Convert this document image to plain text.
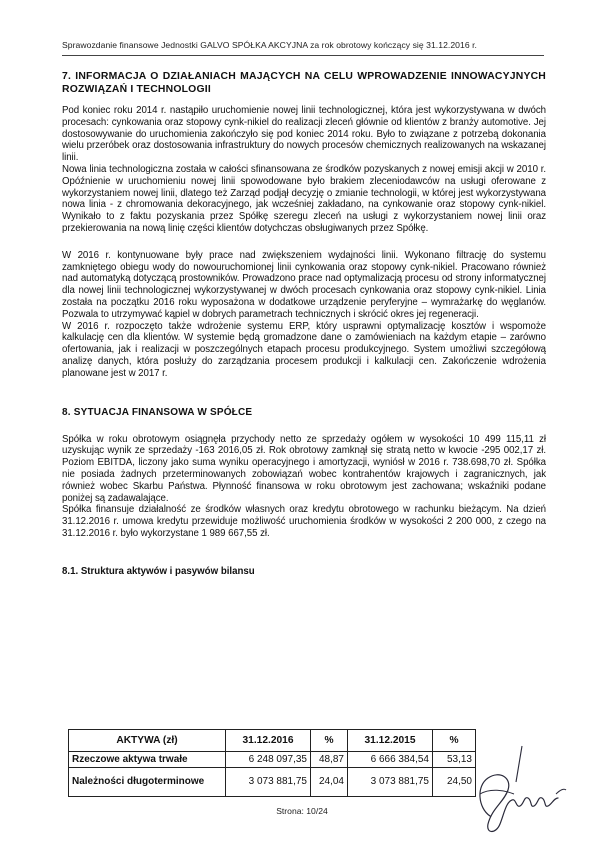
Sprawozdanie finansowe Jednostki GALVO SPÓŁKA AKCYJNA za rok obrotowy kończący się 31.12.2016 r.
7. INFORMACJA O DZIAŁANIACH MAJĄCYCH NA CELU WPROWADZENIE INNOWACYJNYCH ROZWIĄZAŃ I TECHNOLOGII

Pod koniec roku 2014 r. nastąpiło uruchomienie nowej linii technologicznej, która jest wykorzystywana w dwóch procesach: cynkowania oraz stopowy cynk-nikiel do realizacji zleceń głównie od klientów z branży automotive. Jej dostosowywanie do uruchomienia zakończyło się pod koniec 2014 roku. Było to związane z potrzebą dokonania wielu przeróbek oraz dostosowania infrastruktury do nowych procesów chemicznych realizowanych na wskazanej linii.

Nowa linia technologiczna została w całości sfinansowana ze środków pozyskanych z nowej emisji akcji w 2010 r. Opóźnienie w uruchomieniu nowej linii spowodowane było brakiem zleceniodawców na usługi oferowane z wykorzystaniem nowej linii, dlatego też Zarząd podjął decyzję o zmianie technologii, w której jest wykorzystywana nowa linia - z chromowania dekoracyjnego, jak wcześniej zakładano, na cynkowanie oraz stopowy cynk-nikiel. Wynikało to z faktu pozyskania przez Spółkę szeregu zleceń na usługi z wykorzystaniem nowej linii oraz przekierowania na nową linię części klientów dotychczas obsługiwanych przez Spółkę.

W 2016 r. kontynuowane były prace nad zwiększeniem wydajności linii. Wykonano filtrację do systemu zamkniętego obiegu wody do nowouruchomionej linii cynkowania oraz stopowy cynk-nikiel. Pracowano również nad automatyką dotyczącą prostowników. Prowadzono prace nad optymalizacją procesu od strony informatycznej dla nowej linii technologicznej wykorzystywanej w dwóch procesach cynkowania oraz stopowy cynk-nikiel. Linia została na początku 2016 roku wyposażona w dodatkowe urządzenie peryferyjne – wymrażarkę do węglanów. Pozwala to utrzymywać kąpiel w dobrych parametrach technicznych i skrócić okres jej regeneracji.

W 2016 r. rozpoczęto także wdrożenie systemu ERP, który usprawni optymalizację kosztów i wspomoże kalkulację cen dla klientów. W systemie będą gromadzone dane o zamówieniach na każdym etapie – zarówno ofertowania, jak i realizacji w poszczególnych etapach procesu produkcyjnego. System umożliwi szczegółową analizę danych, która posłuży do zarządzania procesem produkcji i kalkulacji cen. Zakończenie wdrożenia planowane jest w 2017 r.

8. SYTUACJA FINANSOWA W SPÓŁCE

Spółka w roku obrotowym osiągnęła przychody netto ze sprzedaży ogółem w wysokości 10 499 115,11 zł uzyskując wynik ze sprzedaży -163 2016,05 zł. Rok obrotowy zamknął się stratą netto w kwocie -295 002,17 zł. Poziom EBITDA, liczony jako suma wyniku operacyjnego i amortyzacji, wyniósł w 2016 r. 738.698,70 zł. Spółka nie posiada żadnych przeterminowanych zobowiązań wobec kontrahentów krajowych i zagranicznych, jak również wobec Skarbu Państwa. Płynność finansowa w roku obrotowym jest zachowana; wskaźniki podane poniżej są zadawalające.

Spółka finansuje działalność ze środków własnych oraz kredytu obrotowego w rachunku bieżącym. Na dzień 31.12.2016 r. umowa kredytu przewiduje możliwość uruchomienia środków w wysokości 2 200 000, z czego na 31.12.2016 r. było wykorzystane 1 989 667,55 zł.

8.1. Struktura aktywów i pasywów bilansu
AKTYWA (zł)	31.12.2016	%	31.12.2015	%
Rzeczowe aktywa trwałe	6 248 097,35	48,87	6 666 384,54	53,13
Należności długoterminowe	3 073 881,75	24,04	3 073 881,75	24,50
Strona: 10/24
